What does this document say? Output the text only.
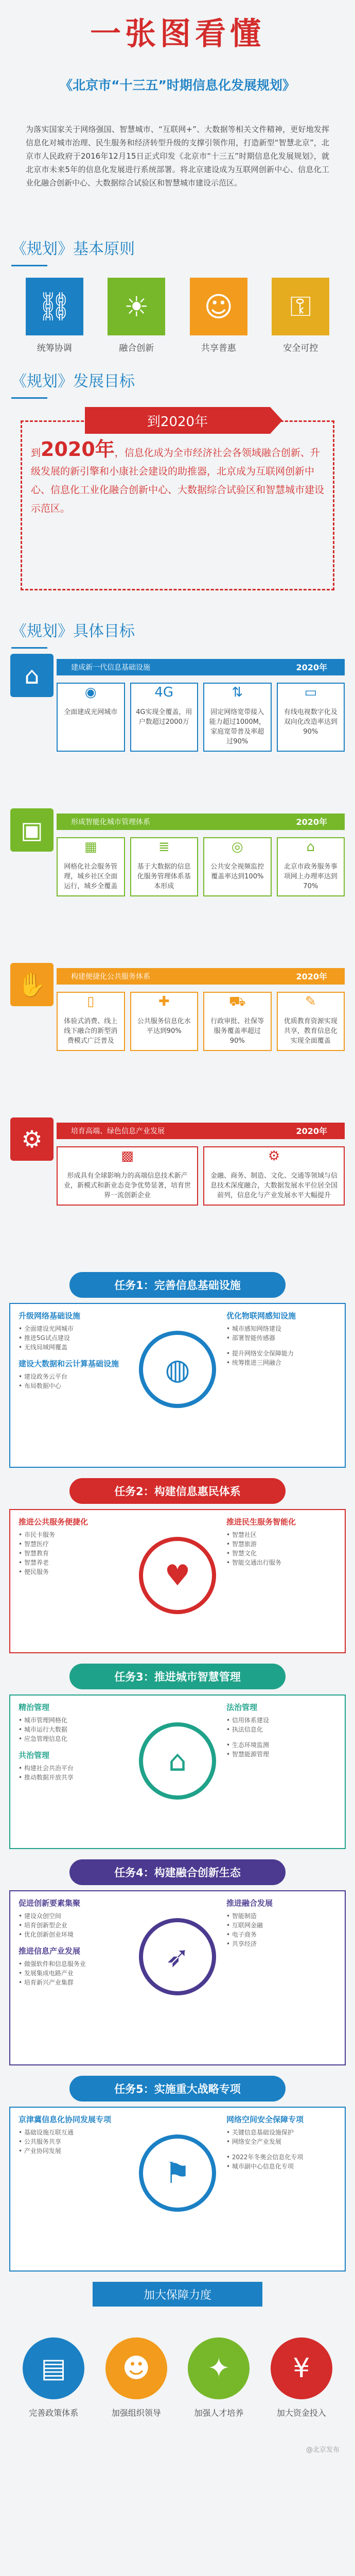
一张图看懂
《北京市“十三五”时期信息化发展规划》
为落实国家关于网络强国、智慧城市、“互联网+”、大数据等相关文件精神，更好地发挥信息化对城市治理、民生服务和经济转型升级的支撑引领作用，打造新型“智慧北京”，北京市人民政府于2016年12月15日正式印发《北京市“十三五”时期信息化发展规划》，就北京市未来5年的信息化发展进行系统部署。将北京建设成为互联网创新中心、信息化工业化融合创新中心、大数据综合试验区和智慧城市建设示范区。
《规划》基本原则
⛓
统筹协调
☀
融合创新
☺
共享普惠
⚿
安全可控
《规划》发展目标
到2020年
到2020年，信息化成为全市经济社会各领域融合创新、升级发展的新引擎和小康社会建设的助推器，北京成为互联网创新中心、信息化工业化融合创新中心、大数据综合试验区和智慧城市建设示范区。
《规划》具体目标
建成新一代信息基础设施	2020年
⌂
◉
全面建成光网城市
4G
4G实现全覆盖，用户数超过2000万
⇅
固定网络宽带接入能力超过1000M，家庭宽带普及率超过90%
▭
有线电视数字化及双向化改造率达到90%
形成智能化城市管理体系	2020年
▣
▦
网格化社会服务管理，城乡社区全面运行，城乡全覆盖
≣
基于大数据的信息化服务管理体系基本形成
◎
公共安全视频监控覆盖率达到100%
⌂
北京市政务服务事项网上办理率达到70%
构建便捷化公共服务体系	2020年
✋
▯
体验式消费、线上线下融合的新型消费模式广泛普及
✚
公共服务信息化水平达到90%
⛟
行政审批、社保等服务覆盖率超过90%
✎
优质教育资源实现共享，教育信息化实现全面覆盖
培育高端、绿色信息产业发展	2020年
⚙
▩
形成具有全球影响力的高端信息技术新产业，新模式和新业态竞争优势显著，培育世界一流创新企业
⚙
金融、商务、制造、文化、交通等领域与信息技术深度融合，大数据发展水平位居全国前列，信息化与产业发展水平大幅提升
任务1：完善信息基础设施
升级网络基础设施
• 全面建设光网城市
• 推进5G试点建设
• 无线局域网覆盖
建设大数据和云计算基础设施
• 建设政务云平台
• 布局数据中心	◍
优化物联网感知设施
• 城市感知网络建设
• 部署智能传感器
• 提升网络安全保障能力
• 统筹推进三网融合
任务2：构建信息惠民体系
推进公共服务便捷化
• 市民卡服务
• 智慧医疗
• 智慧教育
• 智慧养老
• 便民服务	♥
推进民生服务智能化
• 智慧社区
• 智慧旅游
• 智慧文化
• 智能交通出行服务
任务3：推进城市智慧管理
精治管理
• 城市管理网格化
• 城市运行大数据
• 应急管理信息化
共治管理
• 构建社会共治平台
• 推动数据开放共享	⌂
法治管理
• 信用体系建设
• 执法信息化
• 生态环境监测
• 智慧能源管理
任务4：构建融合创新生态
促进创新要素集聚
• 建设众创空间
• 培育创新型企业
• 优化创新创业环境
推进信息产业发展
• 做强软件和信息服务业
• 发展集成电路产业
• 培育新兴产业集群
➶
推进融合发展
• 智能制造
• 互联网金融
• 电子商务
• 共享经济
任务5：实施重大战略专项
京津冀信息化协同发展专项
• 基础设施互联互通
• 公共服务共享
• 产业协同发展
⚑
网络空间安全保障专项
• 关键信息基础设施保护
• 网络安全产业发展
• 2022年冬奥会信息化专项
• 城市副中心信息化专项
加大保障力度
▤
完善政策体系
☻
加强组织领导
✦
加强人才培养
¥
加大资金投入
@北京发布
